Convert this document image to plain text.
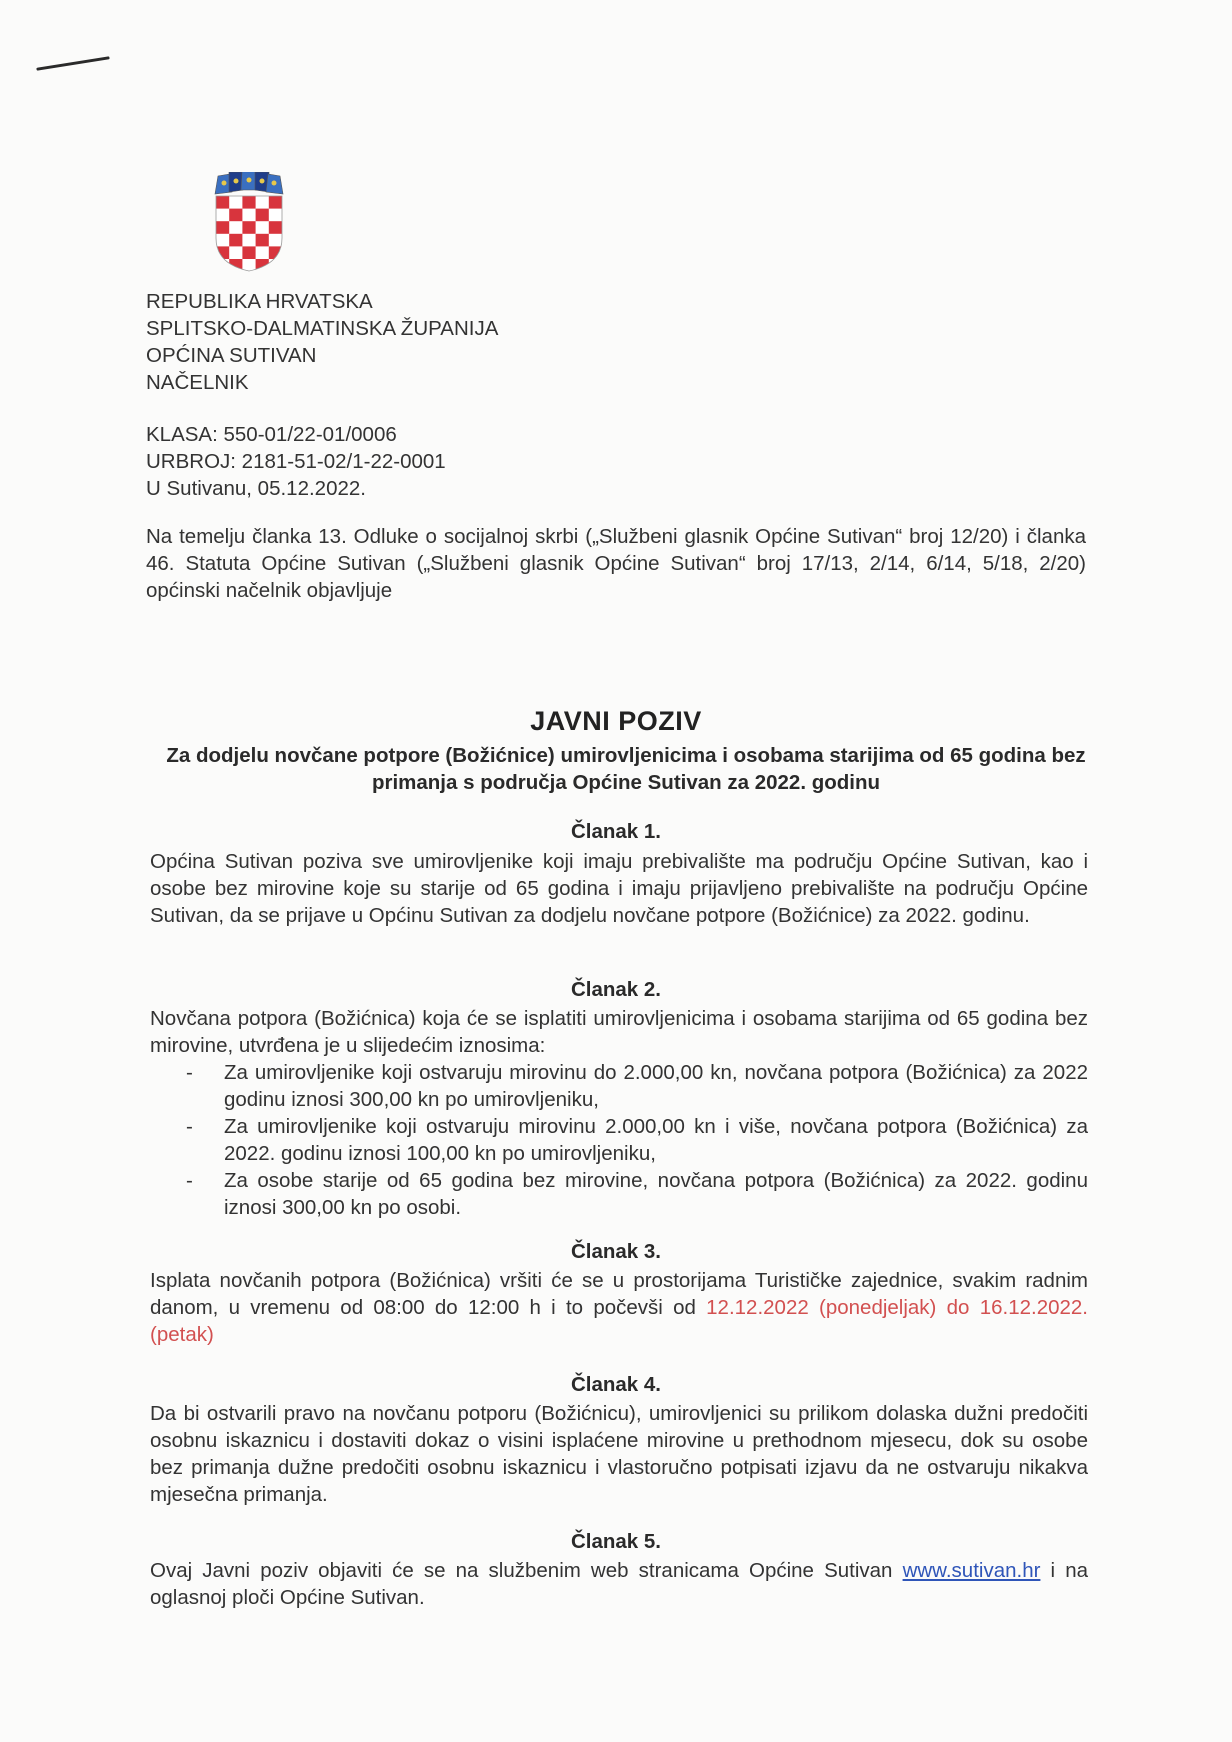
REPUBLIKA HRVATSKA
SPLITSKO-DALMATINSKA ŽUPANIJA
OPĆINA SUTIVAN
NAČELNIK
KLASA: 550-01/22-01/0006
URBROJ: 2181-51-02/1-22-0001
U Sutivanu, 05.12.2022.
Na temelju članka 13. Odluke o socijalnoj skrbi („Službeni glasnik Općine Sutivan“ broj 12/20) i članka 46. Statuta Općine Sutivan („Službeni glasnik Općine Sutivan“ broj 17/13, 2/14, 6/14, 5/18, 2/20) općinski načelnik objavljuje
JAVNI POZIV
Za dodjelu novčane potpore (Božićnice) umirovljenicima i osobama starijima od 65 godina bez primanja s područja Općine Sutivan za 2022. godinu
Članak 1.
Općina Sutivan poziva sve umirovljenike koji imaju prebivalište ma području Općine Sutivan, kao i osobe bez mirovine koje su starije od 65 godina i imaju prijavljeno prebivalište na području Općine Sutivan, da se prijave u Općinu Sutivan za dodjelu novčane potpore (Božićnice) za 2022. godinu.
Članak 2.
Novčana potpora (Božićnica) koja će se isplatiti umirovljenicima i osobama starijima od 65 godina bez mirovine, utvrđena je u slijedećim iznosima:
- Za umirovljenike koji ostvaruju mirovinu do 2.000,00 kn, novčana potpora (Božićnica) za 2022 godinu iznosi 300,00 kn po umirovljeniku,
- Za umirovljenike koji ostvaruju mirovinu 2.000,00 kn i više, novčana potpora (Božićnica) za 2022. godinu iznosi 100,00 kn po umirovljeniku,
- Za osobe starije od 65 godina bez mirovine, novčana potpora (Božićnica) za 2022. godinu iznosi 300,00 kn po osobi.
Članak 3.
Isplata novčanih potpora (Božićnica) vršiti će se u prostorijama Turističke zajednice, svakim radnim danom, u vremenu od 08:00 do 12:00 h i to počevši od 12.12.2022 (ponedjeljak) do 16.12.2022. (petak)
Članak 4.
Da bi ostvarili pravo na novčanu potporu (Božićnicu), umirovljenici su prilikom dolaska dužni predočiti osobnu iskaznicu i dostaviti dokaz o visini isplaćene mirovine u prethodnom mjesecu, dok su osobe bez primanja dužne predočiti osobnu iskaznicu i vlastoručno potpisati izjavu da ne ostvaruju nikakva mjesečna primanja.
Članak 5.
Ovaj Javni poziv objaviti će se na službenim web stranicama Općine Sutivan www.sutivan.hr i na oglasnoj ploči Općine Sutivan.
